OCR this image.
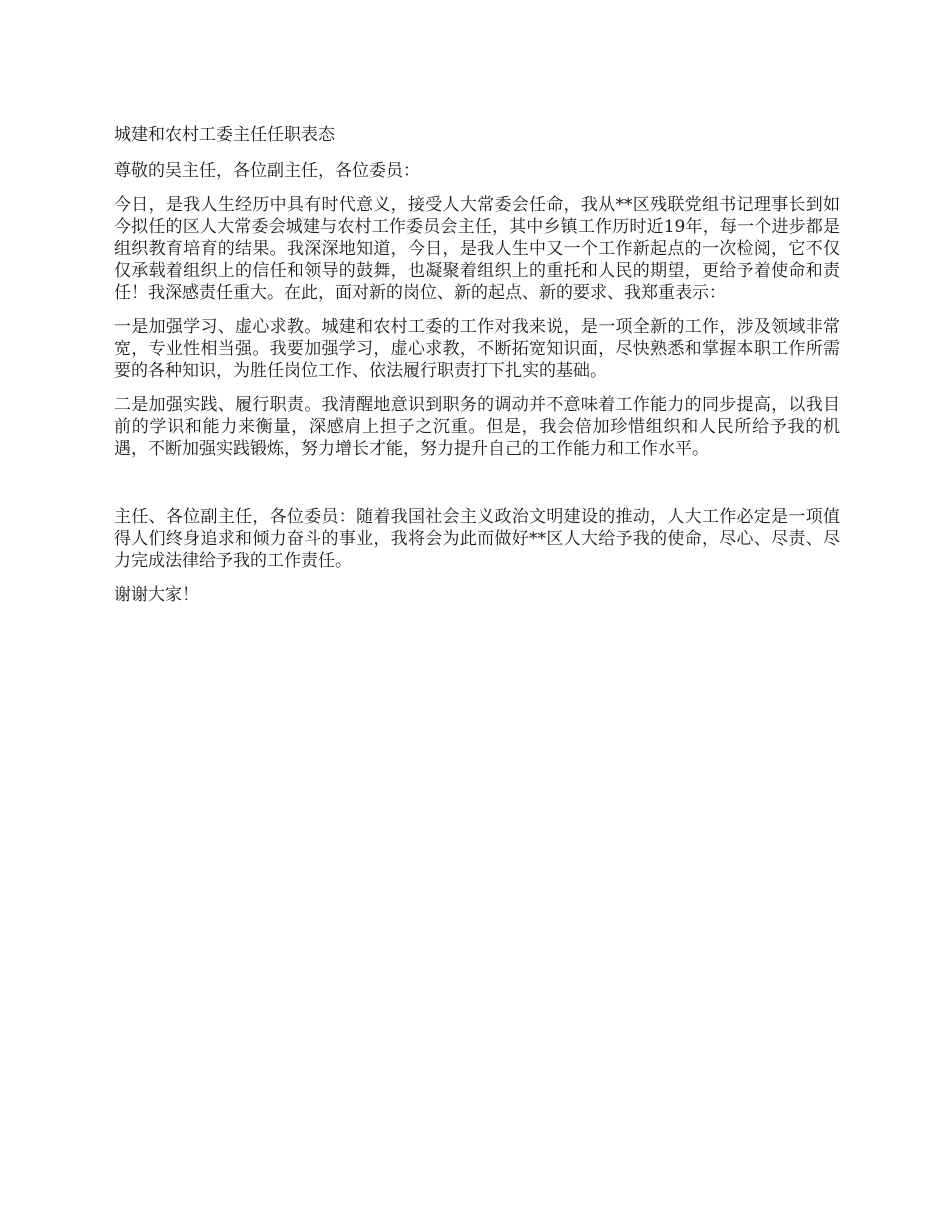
城建和农村工委主任任职表态

尊敬的吴主任，各位副主任，各位委员：

今日，是我人生经历中具有时代意义，接受人大常委会任命，我从**区残联党组书记理事长到如今拟任的区人大常委会城建与农村工作委员会主任，其中乡镇工作历时近19年，每一个进步都是组织教育培育的结果。我深深地知道，今日，是我人生中又一个工作新起点的一次检阅，它不仅仅承载着组织上的信任和领导的鼓舞，也凝聚着组织上的重托和人民的期望，更给予着使命和责任！我深感责任重大。在此，面对新的岗位、新的起点、新的要求、我郑重表示：

一是加强学习、虚心求教。城建和农村工委的工作对我来说，是一项全新的工作，涉及领域非常宽，专业性相当强。我要加强学习，虚心求教，不断拓宽知识面，尽快熟悉和掌握本职工作所需要的各种知识，为胜任岗位工作、依法履行职责打下扎实的基础。

二是加强实践、履行职责。我清醒地意识到职务的调动并不意味着工作能力的同步提高，以我目前的学识和能力来衡量，深感肩上担子之沉重。但是，我会倍加珍惜组织和人民所给予我的机遇，不断加强实践锻炼，努力增长才能，努力提升自己的工作能力和工作水平。

主任、各位副主任，各位委员：随着我国社会主义政治文明建设的推动，人大工作必定是一项值得人们终身追求和倾力奋斗的事业，我将会为此而做好**区人大给予我的使命，尽心、尽责、尽力完成法律给予我的工作责任。

谢谢大家！
